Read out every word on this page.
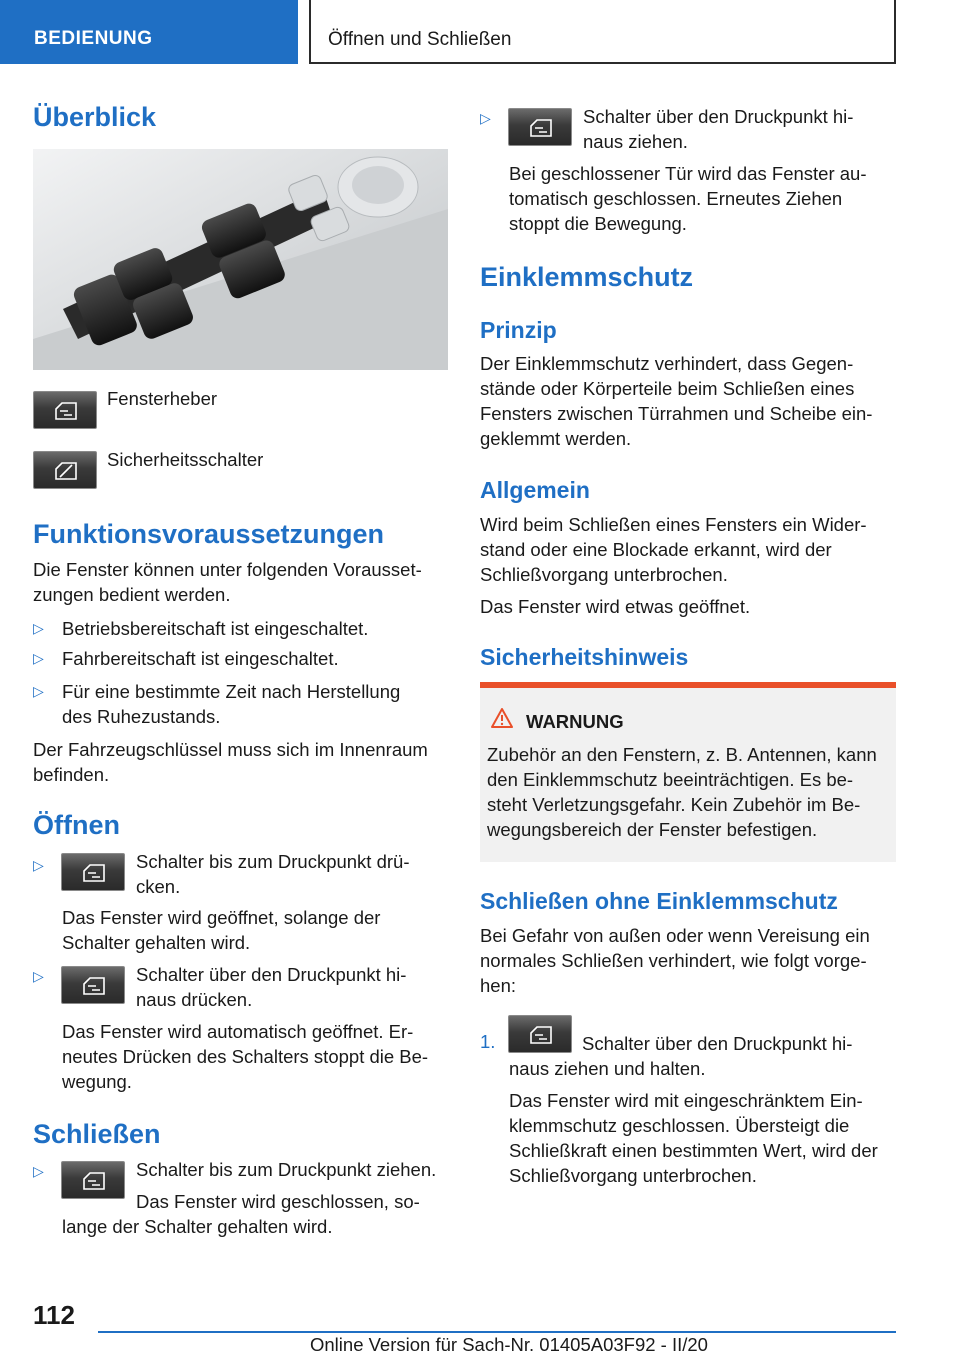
BEDIENUNG	Öffnen und Schließen
Überblick

Fensterheber

Sicherheitsschalter

Funktionsvoraussetzungen

Die Fenster können unter folgenden Vorausset-

zungen bedient werden.

▷ Betriebsbereitschaft ist eingeschaltet.

▷ Fahrbereitschaft ist eingeschaltet.

▷ Für eine bestimmte Zeit nach Herstellung

des Ruhezustands.

Der Fahrzeugschlüssel muss sich im Innenraum

befinden.

Öffnen
▷	Schalter bis zum Druckpunkt drü-

cken.

Das Fenster wird geöffnet, solange der

Schalter gehalten wird.

▷	Schalter über den Druckpunkt hi-

naus drücken.

Das Fenster wird automatisch geöffnet. Er-

neutes Drücken des Schalters stoppt die Be-

wegung.

Schließen
▷	Schalter bis zum Druckpunkt ziehen.

Das Fenster wird geschlossen, so-

lange der Schalter gehalten wird.

▷	Schalter über den Druckpunkt hi-

naus ziehen.

Bei geschlossener Tür wird das Fenster au-

tomatisch geschlossen. Erneutes Ziehen

stoppt die Bewegung.

Einklemmschutz
Prinzip

Der Einklemmschutz verhindert, dass Gegen-

stände oder Körperteile beim Schließen eines

Fensters zwischen Türrahmen und Scheibe ein-

geklemmt werden.

Allgemein

Wird beim Schließen eines Fensters ein Wider-

stand oder eine Blockade erkannt, wird der

Schließvorgang unterbrochen.

Das Fenster wird etwas geöffnet.

Sicherheitshinweis

WARNUNG

Zubehör an den Fenstern, z. B. Antennen, kann

den Einklemmschutz beeinträchtigen. Es be-

steht Verletzungsgefahr. Kein Zubehör im Be-

wegungsbereich der Fenster befestigen.

Schließen ohne Einklemmschutz

Bei Gefahr von außen oder wenn Vereisung ein

normales Schließen verhindert, wie folgt vorge-

hen:

1.	Schalter über den Druckpunkt hi-

naus ziehen und halten.

Das Fenster wird mit eingeschränktem Ein-

klemmschutz geschlossen. Übersteigt die

Schließkraft einen bestimmten Wert, wird der

Schließvorgang unterbrochen.

112
Online Version für Sach-Nr. 01405A03F92 - II/20
